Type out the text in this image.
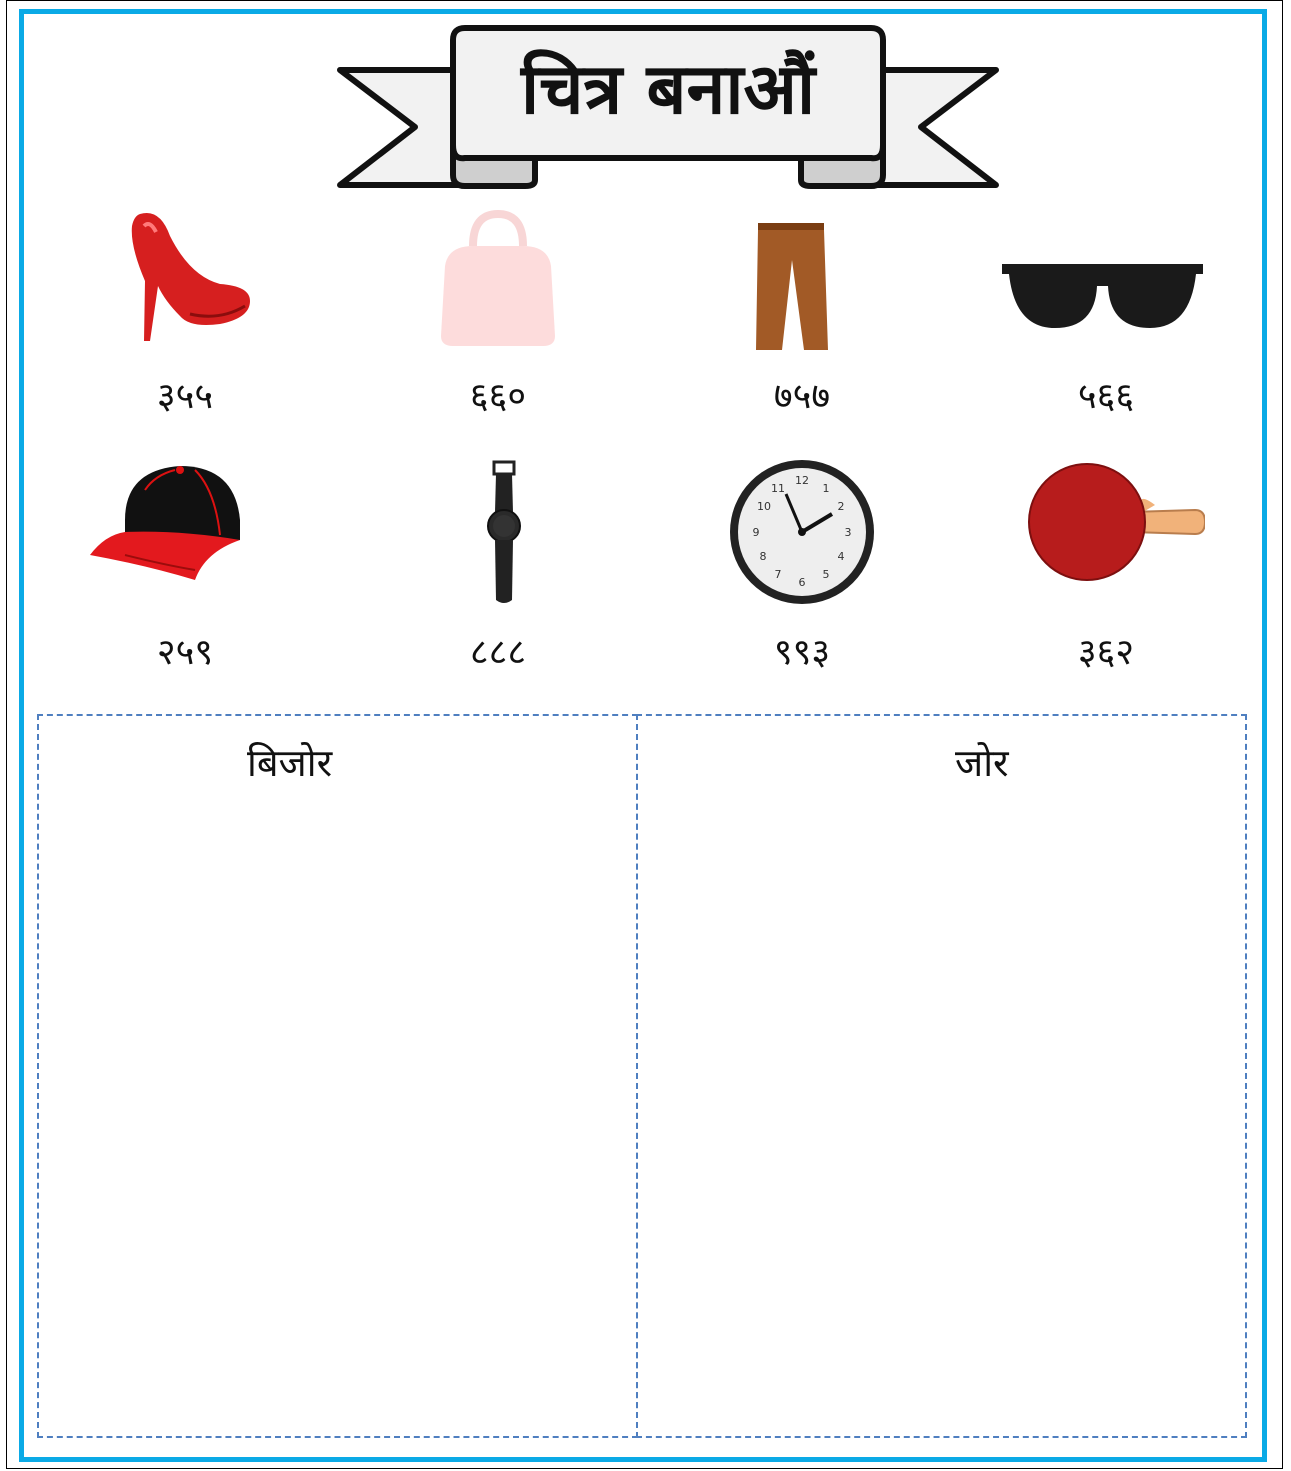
चित्र बनाऔं
३५५	६६०	७५७	५६६
12
1
2
3
4
5
6
7
8
9
10
11
२५९	८८८	९९३	३६२
बिजोर	जोर
